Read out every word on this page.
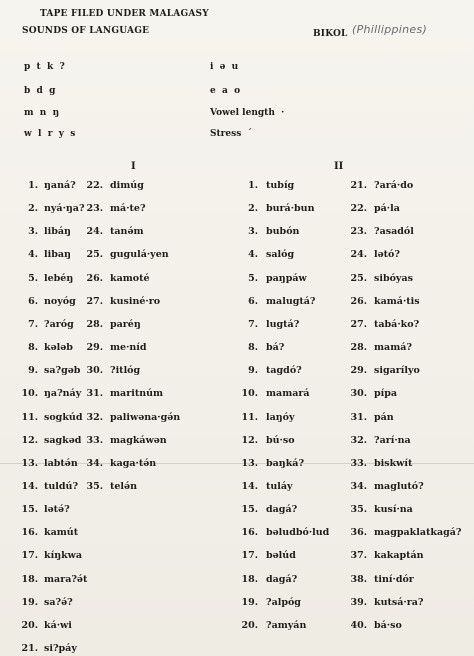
TAPE FILED UNDER MALAGASY
SOUNDS OF LANGUAGE	BIKOL (Phillippines)
p  t  k  ?
b  d  g
m  n  ŋ
w  l  r  y  s
i  ə  u
e  a  o
Vowel length  ·
Stress  ´
I	II
1. ŋaná?
2. nyá·ŋa?
3. libáŋ
4. libaŋ
5. lebéŋ
6. noyóg
7. ?aróg
8. kələb
9. sa?gəb
10. ŋa?náy
11. sogkúd
12. sagkəd
13. labtə́n
14. tuldú?
15. lətə́?
16. kamút
17. kíŋkwa
18. mara?ə́t
19. sa?ə́?
20. ká·wi
21. si?páy
22. dimúg
23. má·te?
24. tanə́m
25. gugulá·yen
26. kamoté
27. kusiné·ro
28. paréŋ
29. me·níd
30. ?itlóg
31. maritnúm
32. paliwəna·gə́n
33. magkáwən
34. kaga·tə́n
35. telə́n
1. tubíg
2. burá·bun
3. bubón
4. salóg
5. paŋpáw
6. malugtá?
7. lugtá?
8. bá?
9. tagdó?
10. mamará
11. laŋóy
12. bú·so
13. baŋká?
14. tuláy
15. dagá?
16. bəludbó·lud
17. bəlúd
18. dagá?
19. ?alpóg
20. ?amyán
21. ?ará·do
22. pá·la
23. ?asadól
24. lətó?
25. sibóyas
26. kamá·tis
27. tabá·ko?
28. mamá?
29. sigarílyo
30. pípa
31. pán
32. ?arí·na
33. biskwít
34. maglutó?
35. kusí·na
36. magpaklatkagá?
37. kakaptán
38. tiní·dór
39. kutsá·ra?
40. bá·so
